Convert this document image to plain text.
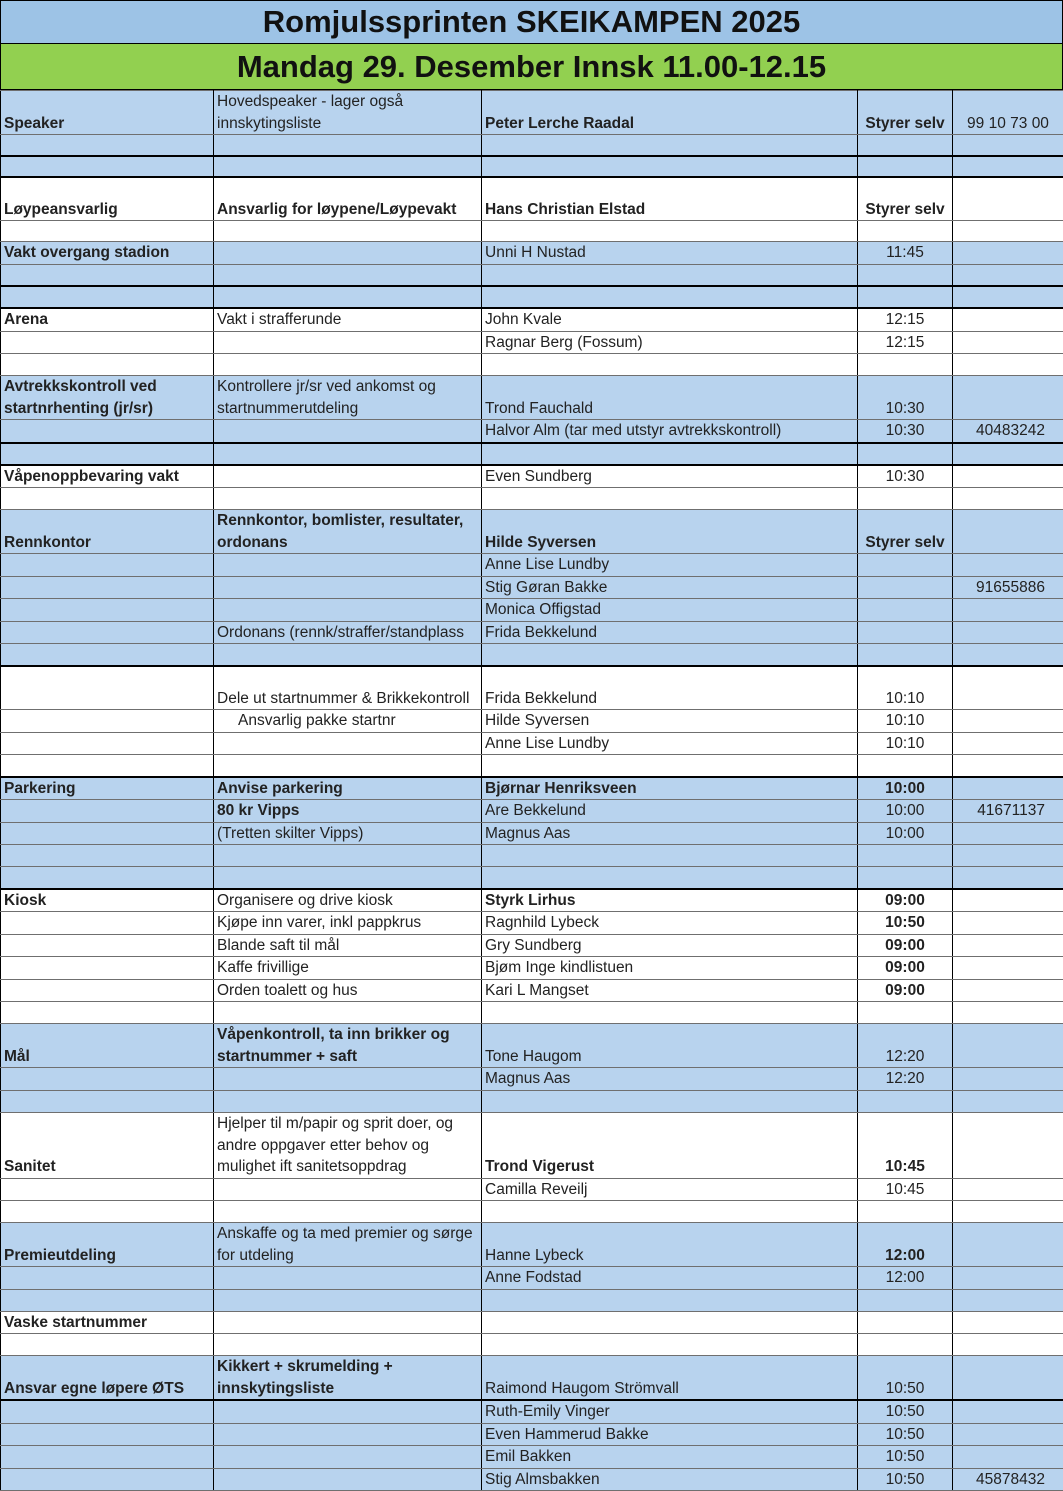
Romjulssprinten SKEIKAMPEN 2025
Mandag 29. Desember Innsk 11.00-12.15
Speaker	Hovedspeaker - lager også innskytingsliste	Peter Lerche Raadal	Styrer selv	99 10 73 00

Løypeansvarlig	Ansvarlig for løypene/Løypevakt	Hans Christian Elstad	Styrer selv	

Vakt overgang stadion		Unni H Nustad	11:45	

Arena	Vakt i strafferunde	John Kvale	12:15	
		Ragnar Berg (Fossum)	12:15	

Avtrekkskontroll ved startnrhenting (jr/sr)	Kontrollere jr/sr ved ankomst og startnummerutdeling	Trond Fauchald	10:30	
		Halvor Alm (tar med utstyr avtrekkskontroll)	10:30	40483242

Våpenoppbevaring vakt		Even Sundberg	10:30	

Rennkontor	Rennkontor, bomlister, resultater, ordonans	Hilde Syversen	Styrer selv	
		Anne Lise Lundby		
		Stig Gøran Bakke		91655886
		Monica Offigstad		
	Ordonans (rennk/straffer/standplass	Frida Bekkelund		

	Dele ut startnummer & Brikkekontroll	Frida Bekkelund	10:10	
	Ansvarlig pakke startnr	Hilde Syversen	10:10	
		Anne Lise Lundby	10:10	

Parkering	Anvise parkering	Bjørnar Henriksveen	10:00	
	80 kr Vipps	Are Bekkelund	10:00	41671137
	(Tretten skilter Vipps)	Magnus Aas	10:00	

Kiosk	Organisere og drive kiosk	Styrk Lirhus	09:00	
	Kjøpe inn varer, inkl pappkrus	Ragnhild Lybeck	10:50	
	Blande saft til mål	Gry Sundberg	09:00	
	Kaffe frivillige	Bjøm Inge kindlistuen	09:00	
	Orden toalett og hus	Kari L Mangset	09:00	

Mål	Våpenkontroll, ta inn brikker og startnummer + saft	Tone Haugom	12:20	
		Magnus Aas	12:20	

Sanitet	Hjelper til m/papir og sprit doer, og andre oppgaver etter behov og mulighet ift sanitetsoppdrag	Trond Vigerust	10:45	
		Camilla Reveilj	10:45	

Premieutdeling	Anskaffe og ta med premier og sørge for utdeling	Hanne Lybeck	12:00	
		Anne Fodstad	12:00	

Vaske startnummer				

Ansvar egne løpere ØTS	Kikkert + skrumelding + innskytingsliste	Raimond Haugom Strömvall	10:50	
		Ruth-Emily Vinger	10:50	
		Even Hammerud Bakke	10:50	
		Emil Bakken	10:50	
		Stig Almsbakken	10:50	45878432
